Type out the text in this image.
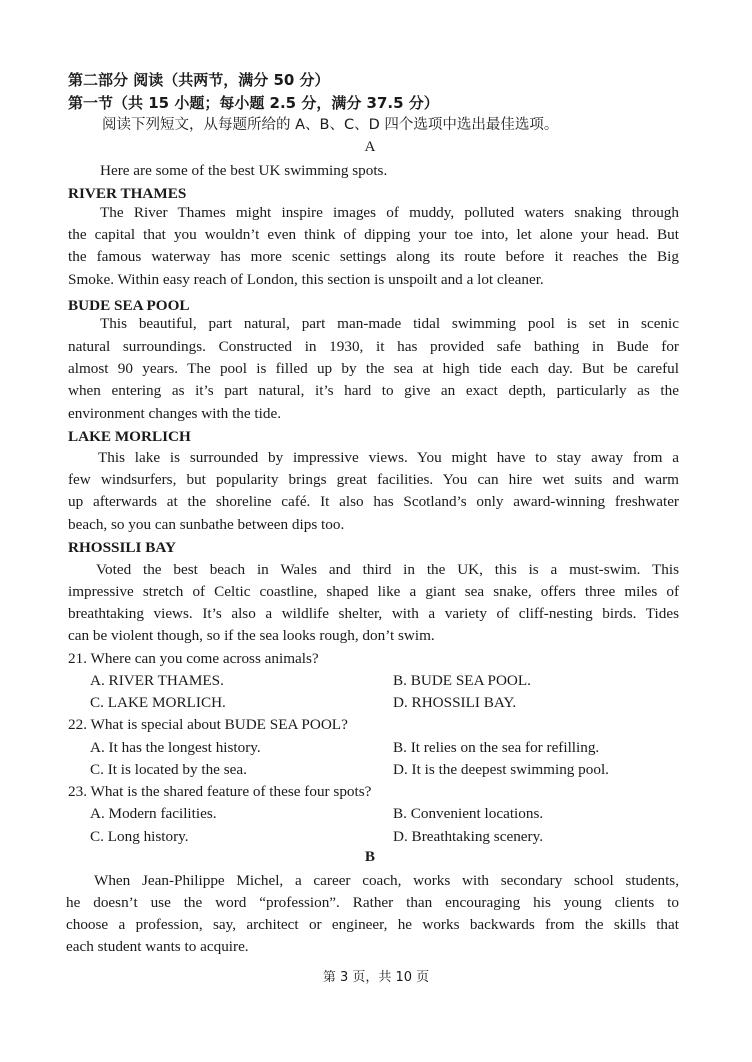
第二部分 阅读（共两节，满分 50 分）
第一节（共 15 小题；每小题 2.5 分，满分 37.5 分）
阅读下列短文，从每题所给的 A、B、C、D 四个选项中选出最佳选项。
A
Here are some of the best UK swimming spots.
RIVER THAMES
The River Thames might inspire images of muddy, polluted waters snaking through
the capital that you wouldn’t even think of dipping your toe into, let alone your head. But
the famous waterway has more scenic settings along its route before it reaches the Big
Smoke. Within easy reach of London, this section is unspoilt and a lot cleaner.
BUDE SEA POOL
This beautiful, part natural, part man-made tidal swimming pool is set in scenic
natural surroundings. Constructed in 1930, it has provided safe bathing in Bude for
almost 90 years. The pool is filled up by the sea at high tide each day. But be careful
when entering as it’s part natural, it’s hard to give an exact depth, particularly as the
environment changes with the tide.
LAKE MORLICH
This lake is surrounded by impressive views. You might have to stay away from a
few windsurfers, but popularity brings great facilities. You can hire wet suits and warm
up afterwards at the shoreline café. It also has Scotland’s only award-winning freshwater
beach, so you can sunbathe between dips too.
RHOSSILI BAY
Voted the best beach in Wales and third in the UK, this is a must-swim. This
impressive stretch of Celtic coastline, shaped like a giant sea snake, offers three miles of
breathtaking views. It’s also a wildlife shelter, with a variety of cliff-nesting birds. Tides
can be violent though, so if the sea looks rough, don’t swim.
21. Where can you come across animals?
A. RIVER THAMES.	B. BUDE SEA POOL.
C. LAKE MORLICH.	D. RHOSSILI BAY.
22. What is special about BUDE SEA POOL?
A. It has the longest history.	B. It relies on the sea for refilling.
C. It is located by the sea.	D. It is the deepest swimming pool.
23. What is the shared feature of these four spots?
A. Modern facilities.	B. Convenient locations.
C. Long history.	D. Breathtaking scenery.
B
When Jean-Philippe Michel, a career coach, works with secondary school students,
he doesn’t use the word “profession”. Rather than encouraging his young clients to
choose a profession, say, architect or engineer, he works backwards from the skills that
each student wants to acquire.
第 3 页，共 10 页
